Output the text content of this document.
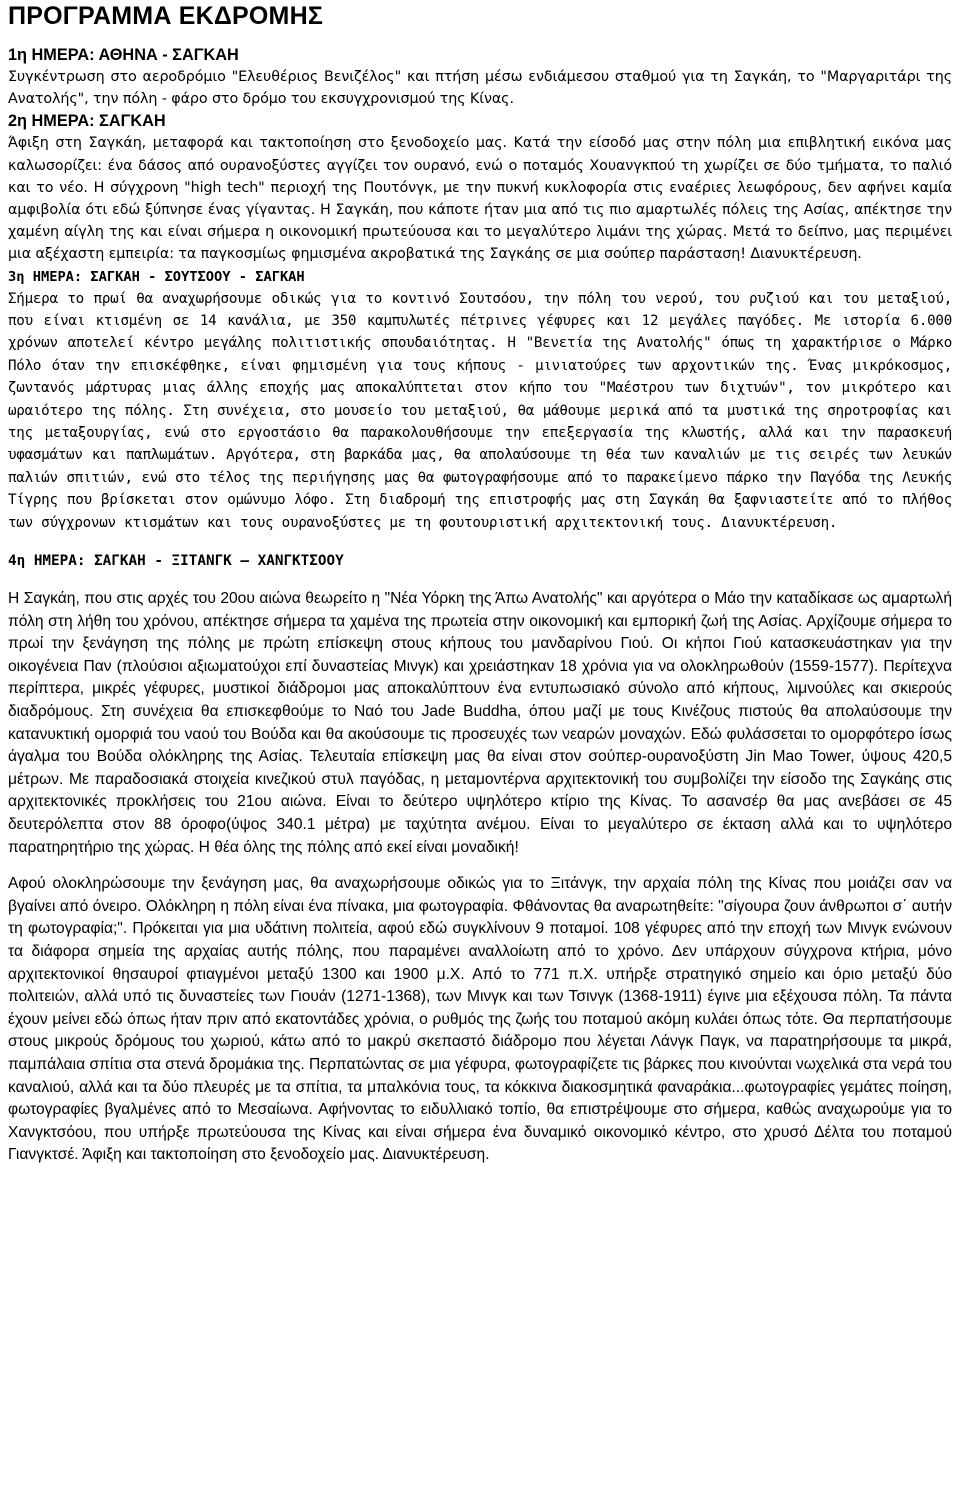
ΠΡΟΓΡΑΜΜΑ ΕΚΔΡΟΜΗΣ
1η ΗΜΕΡΑ: ΑΘΗΝΑ - ΣΑΓΚΑΗ

Συγκέντρωση στο αεροδρόμιο "Ελευθέριος Βενιζέλος" και πτήση μέσω ενδιάμεσου σταθμού για τη Σαγκάη, το "Μαργαριτάρι της Ανατολής", την πόλη - φάρο στο δρόμο του εκσυγχρονισμού της Κίνας.

2η ΗΜΕΡΑ: ΣΑΓΚΑΗ

Άφιξη στη Σαγκάη, μεταφορά και τακτοποίηση στο ξενοδοχείο μας. Κατά την είσοδό μας στην πόλη μια επιβλητική εικόνα μας καλωσορίζει: ένα δάσος από ουρανοξύστες αγγίζει τον ουρανό, ενώ ο ποταμός Χουανγκπού τη χωρίζει σε δύο τμήματα, το παλιό και το νέο. Η σύγχρονη "high tech" περιοχή της Πουτόνγκ, με την πυκνή κυκλοφορία στις εναέριες λεωφόρους, δεν αφήνει καμία αμφιβολία ότι εδώ ξύπνησε ένας γίγαντας. Η Σαγκάη, που κάποτε ήταν μια από τις πιο αμαρτωλές πόλεις της Ασίας, απέκτησε την χαμένη αίγλη της και είναι σήμερα η οικονομική πρωτεύουσα και το μεγαλύτερο λιμάνι της χώρας. Μετά το δείπνο, μας περιμένει μια αξέχαστη εμπειρία: τα παγκοσμίως φημισμένα ακροβατικά της Σαγκάης σε μια σούπερ παράσταση! Διανυκτέρευση.

3η ΗΜΕΡΑ: ΣΑΓΚΑΗ - ΣΟΥΤΣΟΟΥ - ΣΑΓΚΑΗ

Σήμερα το πρωί θα αναχωρήσουμε οδικώς για το κοντινό Σουτσόου, την πόλη του νερού, του ρυζιού και του μεταξιού, που είναι κτισμένη σε 14 κανάλια, με 350 καμπυλωτές πέτρινες γέφυρες και 12 μεγάλες παγόδες. Με ιστορία 6.000 χρόνων αποτελεί κέντρο μεγάλης πολιτιστικής σπουδαιότητας. Η "Βενετία της Ανατολής" όπως τη χαρακτήρισε ο Μάρκο Πόλο όταν την επισκέφθηκε, είναι φημισμένη για τους κήπους - μινιατούρες των αρχοντικών της. Ένας μικρόκοσμος, ζωντανός μάρτυρας μιας άλλης εποχής μας αποκαλύπτεται στον κήπο του "Μαέστρου των διχτυών", τον μικρότερο και ωραιότερο της πόλης. Στη συνέχεια, στο μουσείο του μεταξιού, θα μάθουμε μερικά από τα μυστικά της σηροτροφίας και της μεταξουργίας, ενώ στο εργοστάσιο θα παρακολουθήσουμε την επεξεργασία της κλωστής, αλλά και την παρασκευή υφασμάτων και παπλωμάτων. Αργότερα, στη βαρκάδα μας, θα απολαύσουμε τη θέα των καναλιών με τις σειρές των λευκών παλιών σπιτιών, ενώ στο τέλος της περιήγησης μας θα φωτογραφήσουμε από το παρακείμενο πάρκο την Παγόδα της Λευκής Τίγρης που βρίσκεται στον ομώνυμο λόφο. Στη διαδρομή της επιστροφής μας στη Σαγκάη θα ξαφνιαστείτε από το πλήθος των σύγχρονων κτισμάτων και τους ουρανοξύστες με τη φουτουριστική αρχιτεκτονική τους. Διανυκτέρευση.

4η ΗΜΕΡΑ: ΣΑΓΚΑΗ - ΞΙΤΑΝΓΚ — ΧΑΝΓΚΤΣΟΟΥ

Η Σαγκάη, που στις αρχές του 20ου αιώνα θεωρείτο η "Νέα Υόρκη της Άπω Ανατολής" και αργότερα ο Μάο την καταδίκασε ως αμαρτωλή πόλη στη λήθη του χρόνου, απέκτησε σήμερα τα χαμένα της πρωτεία στην οικονομική και εμπορική ζωή της Ασίας. Αρχίζουμε σήμερα το πρωί την ξενάγηση της πόλης με πρώτη επίσκεψη στους κήπους του μανδαρίνου Γιού. Οι κήποι Γιού κατασκευάστηκαν για την οικογένεια Παν (πλούσιοι αξιωματούχοι επί δυναστείας Μινγκ) και χρειάστηκαν 18 χρόνια για να ολοκληρωθούν (1559-1577). Περίτεχνα περίπτερα, μικρές γέφυρες, μυστικοί διάδρομοι μας αποκαλύπτουν ένα εντυπωσιακό σύνολο από κήπους, λιμνούλες και σκιερούς διαδρόμους. Στη συνέχεια θα επισκεφθούμε το Ναό του Jade Buddha, όπου μαζί με τους Κινέζους πιστούς θα απολαύσουμε την κατανυκτική ομορφιά του ναού του Βούδα και θα ακούσουμε τις προσευχές των νεαρών μοναχών. Εδώ φυλάσσεται το ομορφότερο ίσως άγαλμα του Βούδα ολόκληρης της Ασίας. Τελευταία επίσκεψη μας θα είναι στον σούπερ-ουρανοξύστη Jin Mao Tower, ύψους 420,5 μέτρων. Με παραδοσιακά στοιχεία κινεζικού στυλ παγόδας, η μεταμοντέρνα αρχιτεκτονική του συμβολίζει την είσοδο της Σαγκάης στις αρχιτεκτονικές προκλήσεις του 21ου αιώνα. Είναι το δεύτερο υψηλότερο κτίριο της Κίνας. Το ασανσέρ θα μας ανεβάσει σε 45 δευτερόλεπτα στον 88 όροφο(ύψος 340.1 μέτρα) με ταχύτητα ανέμου. Είναι το μεγαλύτερο σε έκταση αλλά και το υψηλότερο παρατηρητήριο της χώρας. Η θέα όλης της πόλης από εκεί είναι μοναδική!

Αφού ολοκληρώσουμε την ξενάγηση μας, θα αναχωρήσουμε οδικώς για το Ξιτάνγκ, την αρχαία πόλη της Κίνας που μοιάζει σαν να βγαίνει από όνειρο. Ολόκληρη η πόλη είναι ένα πίνακα, μια φωτογραφία. Φθάνοντας θα αναρωτηθείτε: "σίγουρα ζουν άνθρωποι σ΄ αυτήν τη φωτογραφία;". Πρόκειται για μια υδάτινη πολιτεία, αφού εδώ συγκλίνουν 9 ποταμοί. 108 γέφυρες από την εποχή των Μινγκ ενώνουν τα διάφορα σημεία της αρχαίας αυτής πόλης, που παραμένει αναλλοίωτη από το χρόνο. Δεν υπάρχουν σύγχρονα κτήρια, μόνο αρχιτεκτονικοί θησαυροί φτιαγμένοι μεταξύ 1300 και 1900 μ.Χ. Από το 771 π.Χ. υπήρξε στρατηγικό σημείο και όριο μεταξύ δύο πολιτειών, αλλά υπό τις δυναστείες των Γιουάν (1271-1368), των Μινγκ και των Τσινγκ (1368-1911) έγινε μια εξέχουσα πόλη. Τα πάντα έχουν μείνει εδώ όπως ήταν πριν από εκατοντάδες χρόνια, ο ρυθμός της ζωής του ποταμού ακόμη κυλάει όπως τότε. Θα περπατήσουμε στους μικρούς δρόμους του χωριού, κάτω από το μακρύ σκεπαστό διάδρομο που λέγεται Λάνγκ Παγκ, να παρατηρήσουμε τα μικρά, παμπάλαια σπίτια στα στενά δρομάκια της. Περπατώντας σε μια γέφυρα, φωτογραφίζετε τις βάρκες που κινούνται νωχελικά στα νερά του καναλιού, αλλά και τα δύο πλευρές με τα σπίτια, τα μπαλκόνια τους, τα κόκκινα διακοσμητικά φαναράκια...φωτογραφίες γεμάτες ποίηση, φωτογραφίες βγαλμένες από το Μεσαίωνα. Αφήνοντας το ειδυλλιακό τοπίο, θα επιστρέψουμε στο σήμερα, καθώς αναχωρούμε για το Χανγκτσόου, που υπήρξε πρωτεύουσα της Κίνας και είναι σήμερα ένα δυναμικό οικονομικό κέντρο, στο χρυσό Δέλτα του ποταμού Γιανγκτσέ. Άφιξη και τακτοποίηση στο ξενοδοχείο μας. Διανυκτέρευση.
